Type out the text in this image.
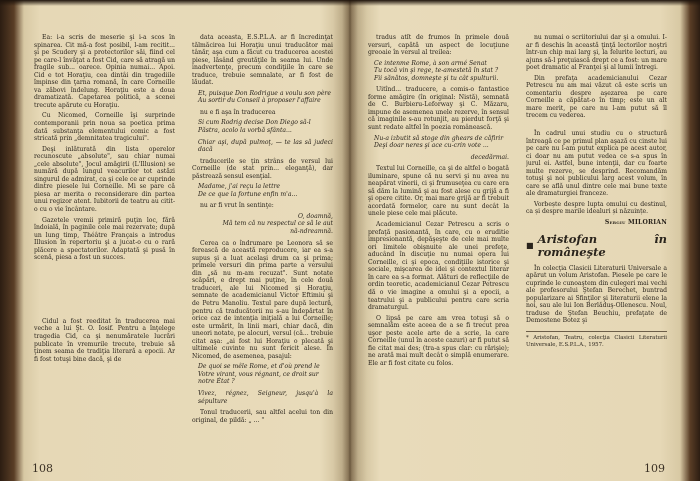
Ea: i-a scris de meserie şi i-a scos în spinarea. Cit mă-a fost posibil, l-am recitit... şi pe Scudery şi a protectorilor săi, fiind cel pe care-l învăţat a fost Cid, care să atragă un fragile sub... oarece. Opinia numai... Apoi. Cid e tot Horaţiu, cea dintâi din tragediile împinse din ţarna romană, în care Corneille va zăbovi îndelung. Horaţiu este a doua dramatizată. Capetarea politică, a scenei trecute apărute cu Horaţiu.

Cu Nicomed, Corneille îşi surprinde contemporanii prin noua sa poetica prima dată substanţa elementului comic a fost stricată prin „demnitatea tragicului".

Deşi inlăturată din lista operelor recunoscute „absolute", sau chiar numai „cele absolute", Jocul amăgirii (L'Illusion) se numără după lungul veacurilor tot astăzi singurul de admirat, ca şi cele ce ar cuprinde dintre piesele lui Corneille. Mi se pare că piesa ar merita o reconsiderare din partea unui regizor atent. Iubitorii de teatru au citit-o cu o vie încântare.

Gazetele vremii primiră puţin loc, fără îndoială, în paginile cele mai rezervate; după un lung timp, Théâtre Français a introdus Illusion în repertoriu şi a jucat-o cu o rară plăcere a spectatorilor. Adaptată şi pusă în scenă, piesa a fost un succes.

Cidul a fost reeditat în traducerea mai veche a lui Şt. O. Iosif. Pentru a înţelege tragedia Cid, ca şi nenumăratele lucrări publicate în vremurile trecute, trebuie să ţinem seama de tradiţia literară a epocii. Ar fi fost totuşi bine dacă, şi de

data aceasta, E.S.P.L.A. ar fi încredinţat tălmăcirea lui Horaţiu unui traducător mai tânăr, aşa cum a făcut cu traducerea acestei piese, lăsând greutăţile în seama lui. Unde inadvertenţe, precum condiţiile în care se traduce, trebuie semnalate, ar fi fost de lăudat.

Et, puisque Don Rodrigue a voulu son père
Au sortir du Conseil à proposer l'affaire

nu e fi aşa în traducerea

Si cum Rodrig decise Don Diego să-l
Păstra, acolo la vorbă sfânta...

Chiar aşi, după pulmoţ, — te las să judeci dacă

traducerile se ţin strâns de versul lui Corneille (de stat prin... eleganţă), dar păstrează sensul esenţial.

Madame, j'ai reçu la lettre
De ce que la fortune enfin m'a...

nu ar fi vrut în sentinţe:

O, doamnă,
Mă tem că nu respectul ce să le aut
nă-ndreamnă.

Cerea ca o îndrumare pe Leonora să se ferească de această reproducere, iar ea s-a supus şi a luat acelaşi drum ca şi prima; primele versuri din prima parte a versului din „să nu m-am recuzat". Sunt notate scăpări, e drept mai puţine, în cele două traduceri, ale lui Nicomed şi Horaţiu, semnate de academicianul Victor Eftimiu şi de Petru Manoliu. Textul pare după lectură, pentru că traducătorii nu s-au îndepărtat în orice caz de intenţia iniţială a lui Corneille; este urmărit, în linii mari, chiar dacă, din uneori notate, pe alocuri, versul (că... trebuie citat aşa: „ai fost lui Horaţiu o plecată şi ultimele cuvinte nu sunt fericit alese. În Nicomed, de asemenea, pasajul:

De quoi se mêle Rome, et d'où prend le
Votre virant, vous régnant, ce droit sur
notre État ?

Vivez, régnez, Seigneur, jusqu'à la sépulture

Tonul traducerii, sau altfel acelui ton din original, de pildă: „ ... "

108

tradus atît de frumos în primele două versuri, capătă un aspect de locuţiune greoaie în versul al treilea:

Ce intenme Rome, à son armé Senat
Tu tocă vin şi rege, te-amestetă în stat ?
Fii sănătos, domneşte şi tu cât spulturii.

Uitînd... traducere, a comis-o fantastice forme amăgire (în original: Nistă), semnată de C. Burbieru-Leforway şi C. Măzaru, impune de asemenea unele rezerve, în sensul că imaginile s-au rotunjit, au pierdut forţă şi sunt redate altfel în poezia românească.

Nu-a izbutit să stoge din ghears de căfirir
Deşi doar neres şi ace cu-crin vote ...

decedărmai.

Textul lui Corneille, ca şi de altfel o bogată iluminare, spune că nu servi şi nu avea nu neapărat vinerii, ci şi frumuseţea cu care era să dăm la lumină şi au fost alese cu grijă a fi şi opere citite. Or, mai mare grijă ar fi trebuit acordată formelor, care nu sunt decât la unele piese cele mai plăcute.

Academicianul Cezar Petrescu a scris o prefaţă pasionantă, în care, cu o eruditie impresionantă, depăşeşte de cele mai multe ori limitele obişnuite ale unei prefeţe, aducând în discuţie nu numai opera lui Corneille, ci şi epoca, condiţiile istorice şi sociale, mişcarea de idei şi contextul literar în care ea s-a format. Alături de reflecţiile de ordin teoretic, academicianul Cezar Petrescu dă o vie imagine a omului şi a epocii, a teatrului şi a publicului pentru care scria dramaturgul.

O lipsă pe care am vrea totuşi să o semnalăm este aceea de a se fi trecut prea uşor peste acele arte de a scrie, la care Corneille (unul în aceste cazuri) ar fi putut să fie citat mai des; (tra-a spus clar: cu rărişie); ne arată mai mult decât o simplă enumerare. Ele ar fi fost citate cu folos.

nu numai o scriitoriului dar şi a omului. I-ar fi deschis în această ţinţă lectorilor noştri într-un chip mai larg şi, la felurite lecturi, au ajuns să-l preţuiască drept ce a fost: un mare poet dramatic al Franţei şi al lumii întregi.

Din prefaţa academicianului Cezar Petrescu nu am mai văzut că este scris un comentariu despre aşezarea pe care Corneille a căpătat-o în timp; este un alt mare merit, pe care nu l-am putut să îl trecem cu vederea.

În cadrul unui studiu cu o structură întreagă ce pe primul plan aşază cu cinste lui pe care nu l-am putut explica pe acest autor, ci doar nu am putut vedea ce s-a spus în jurul ei. Astfel, bune intenţii, dar cu foarte multe rezerve, se desprind. Recomandăm totuşi şi noi publicului larg acest volum, în care se află unul dintre cele mai bune texte ale dramaturgiei franceze.

Vorbește despre lupta omului cu destinul, ca și despre marile idealuri și năzuințe.

Sergiu MILORIAN

■ Aristofan în româneşte

În colecţia Clasicii Literaturii Universale a apărut un volum Aristofan. Piesele pe care le cuprinde le cunoaştem din culegeri mai vechi ale profesorului Ştefan Berechet, buntrad popularizare ai Sfinţilor şi literaturii elene la noi, sau ale lui Ion Berlăduş-Ollenescu. Noul, traduse de Ştefan Beuchiu, prefaţate de Demostene Botez şi

* Aristofan, Teatru, colecţia Clasicii Literaturii Universale, E.S.P.L.A., 1957.

109
